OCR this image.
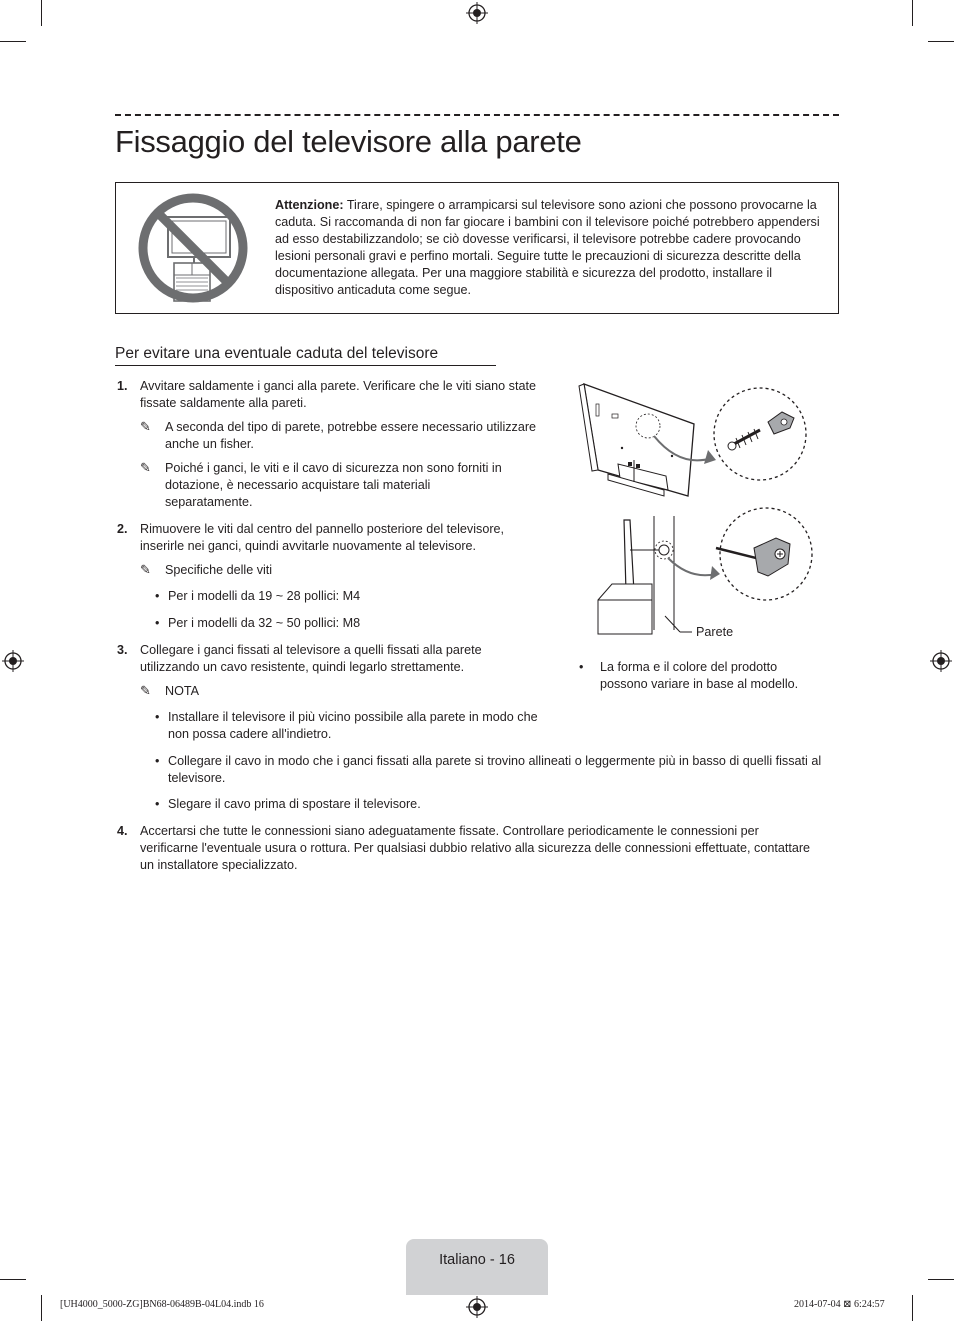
Fissaggio del televisore alla parete
Attenzione: Tirare, spingere o arrampicarsi sul televisore sono azioni che possono provocarne la caduta. Si raccomanda di non far giocare i bambini con il televisore poiché potrebbero appendersi ad esso destabilizzandolo; se ciò dovesse verificarsi, il televisore potrebbe cadere provocando lesioni personali gravi e perfino mortali. Seguire tutte le precauzioni di sicurezza descritte della documentazione allegata. Per una maggiore stabilità e sicurezza del prodotto, installare il dispositivo anticaduta come segue.
Per evitare una eventuale caduta del televisore
1. Avvitare saldamente i ganci alla parete. Verificare che le viti siano state fissate saldamente alla pareti.
✎ A seconda del tipo di parete, potrebbe essere necessario utilizzare anche un fisher.
✎ Poiché i ganci, le viti e il cavo di sicurezza non sono forniti in dotazione, è necessario acquistare tali materiali separatamente.
2. Rimuovere le viti dal centro del pannello posteriore del televisore, inserirle nei ganci, quindi avvitarle nuovamente al televisore.
✎ Specifiche delle viti
• Per i modelli da 19 ~ 28 pollici: M4
• Per i modelli da 32 ~ 50 pollici: M8
3. Collegare i ganci fissati al televisore a quelli fissati alla parete utilizzando un cavo resistente, quindi legarlo strettamente.
✎ NOTA
• Installare il televisore il più vicino possibile alla parete in modo che non possa cadere all'indietro.
• Collegare il cavo in modo che i ganci fissati alla parete si trovino allineati o leggermente più in basso di quelli fissati al televisore.
• Slegare il cavo prima di spostare il televisore.
4. Accertarsi che tutte le connessioni siano adeguatamente fissate. Controllare periodicamente le connessioni per verificarne l'eventuale usura o rottura. Per qualsiasi dubbio relativo alla sicurezza delle connessioni effettuate, contattare un installatore specializzato.
Parete
• La forma e il colore del prodotto possono variare in base al modello.
Italiano - 16
[UH4000_5000-ZG]BN68-06489B-04L04.indb 16	2014-07-04 ⊠ 6:24:57
